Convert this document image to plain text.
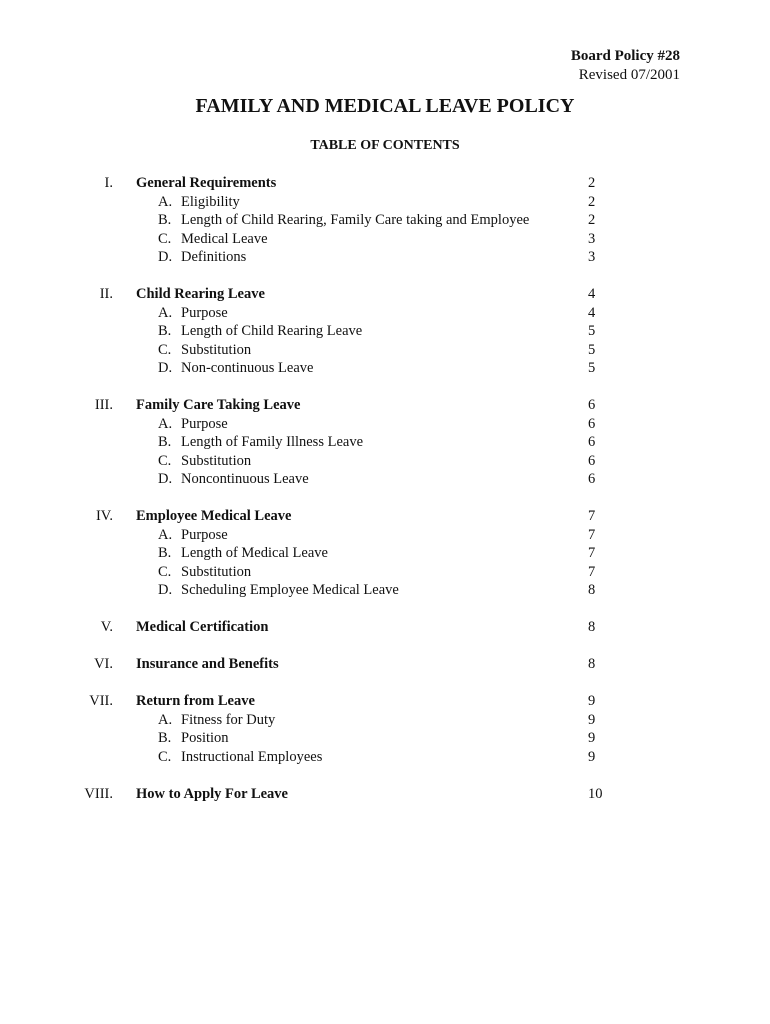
Board Policy #28
Revised 07/2001
FAMILY AND MEDICAL LEAVE POLICY
TABLE OF CONTENTS
I. General Requirements	2
A. Eligibility	2
B. Length of Child Rearing, Family Care taking and Employee	2
C. Medical Leave	3
D. Definitions	3
II. Child Rearing Leave	4
A. Purpose	4
B. Length of Child Rearing Leave	5
C. Substitution	5
D. Non-continuous Leave	5
III. Family Care Taking Leave	6
A. Purpose	6
B. Length of Family Illness Leave	6
C. Substitution	6
D. Noncontinuous Leave	6
IV. Employee Medical Leave	7
A. Purpose	7
B. Length of Medical Leave	7
C. Substitution	7
D. Scheduling Employee Medical Leave	8
V. Medical Certification	8
VI. Insurance and Benefits	8
VII. Return from Leave	9
A. Fitness for Duty	9
B. Position	9
C. Instructional Employees	9
VIII. How to Apply For Leave	10
